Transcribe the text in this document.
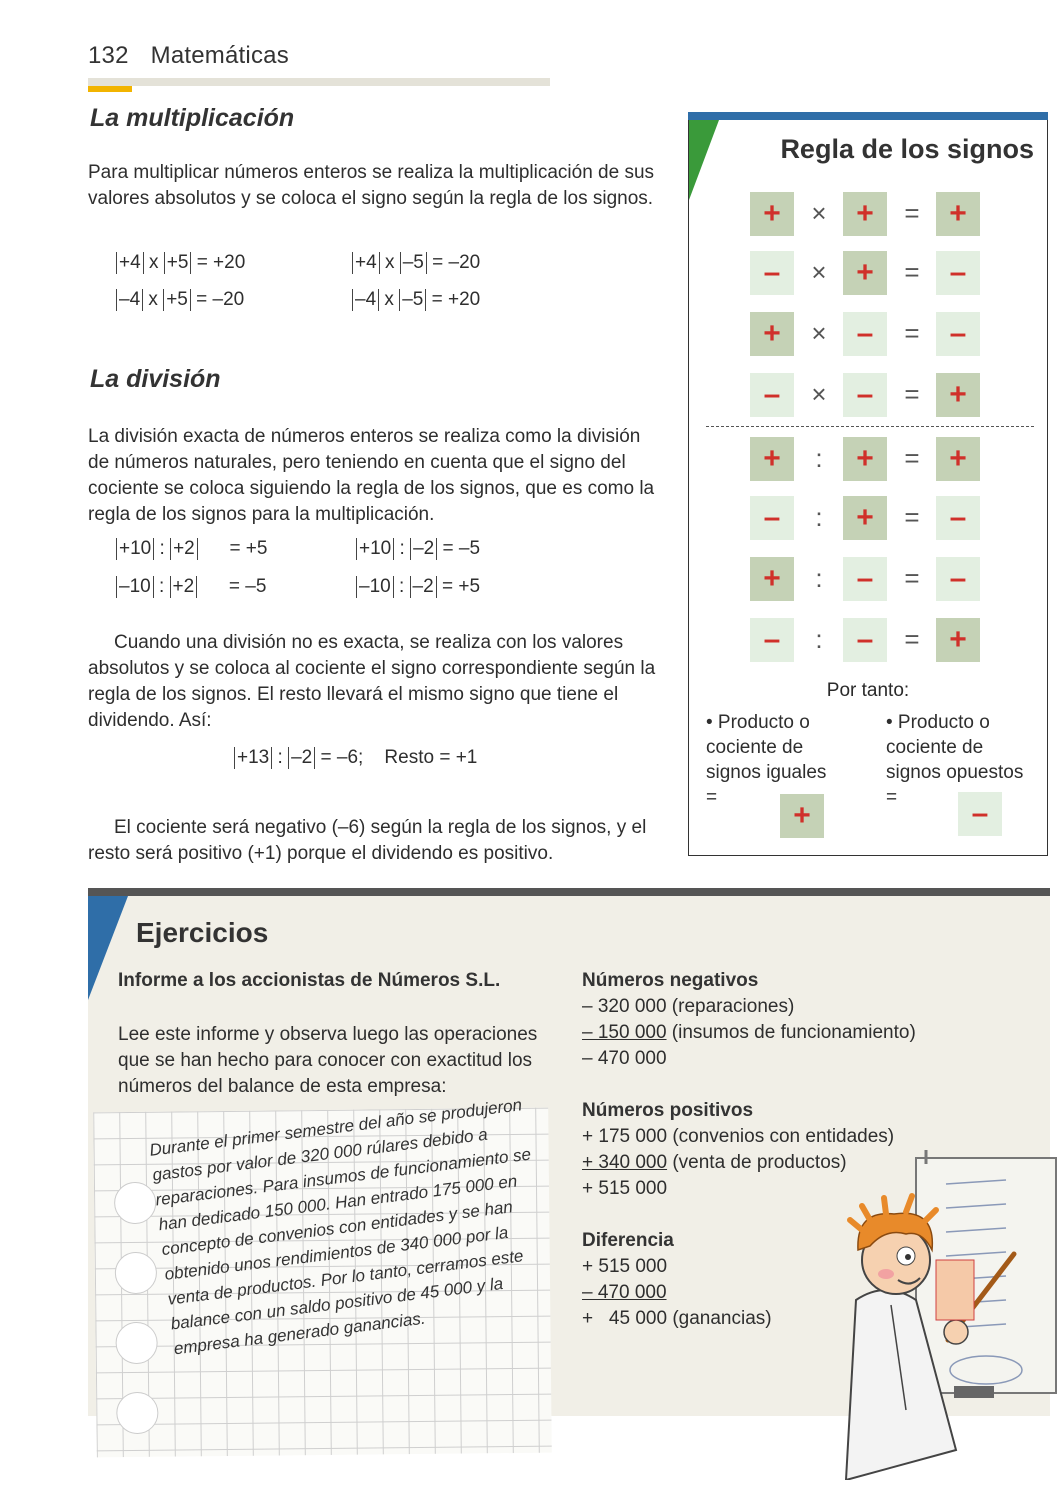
132 Matemáticas
La multiplicación
Para multiplicar números enteros se realiza la multiplicación de sus valores absolutos y se coloca el signo según la regla de los signos.
+4 x +5 = +20	+4 x –5 = –20
–4 x +5 = –20	–4 x –5 = +20
La división
La división exacta de números enteros se realiza como la división de números naturales, pero teniendo en cuenta que el signo del cociente se coloca siguiendo la regla de los signos, que es como la regla de los signos para la multiplicación.
+10 : +2 = +5	+10 : –2 = –5
–10 : +2 = –5	–10 : –2 = +5
Cuando una división no es exacta, se realiza con los valores absolutos y se coloca al cociente el signo correspondiente según la regla de los signos. El resto llevará el mismo signo que tiene el dividendo. Así:
+13 : –2 = –6; Resto = +1
El cociente será negativo (–6) según la regla de los signos, y el resto será positivo (+1) porque el dividendo es positivo.
Regla de los signos
+	× +	= +
–	× +	=	–
+	×	–	=	–
–	×	–	= +
+	:	+	= +
–	:	+	=	–
+	:	–	=	–
–	:	–	= +
Por tanto:
• Producto o cociente de signos iguales =
+
• Producto o cociente de signos opuestos =	–
Ejercicios
Informe a los accionistas de Números S.L.
Lee este informe y observa luego las operaciones que se han hecho para conocer con exactitud los números del balance de esta empresa:
Durante el primer semestre del año se produjeron gastos por valor de 320 000 rúlares debido a reparaciones. Para insumos de funcionamiento se han dedicado 150 000. Han entrado 175 000 en concepto de convenios con entidades y se han obtenido unos rendimientos de 340 000 por la venta de productos. Por lo tanto, cerramos este balance con un saldo positivo de 45 000 y la empresa ha generado ganancias.
Números negativos
– 320 000 (reparaciones)
– 150 000 (insumos de funcionamiento)
– 470 000
Números positivos
+ 175 000 (convenios con entidades)
+ 340 000 (venta de productos)
+ 515 000
Diferencia
+ 515 000
– 470 000
+   45 000 (ganancias)
